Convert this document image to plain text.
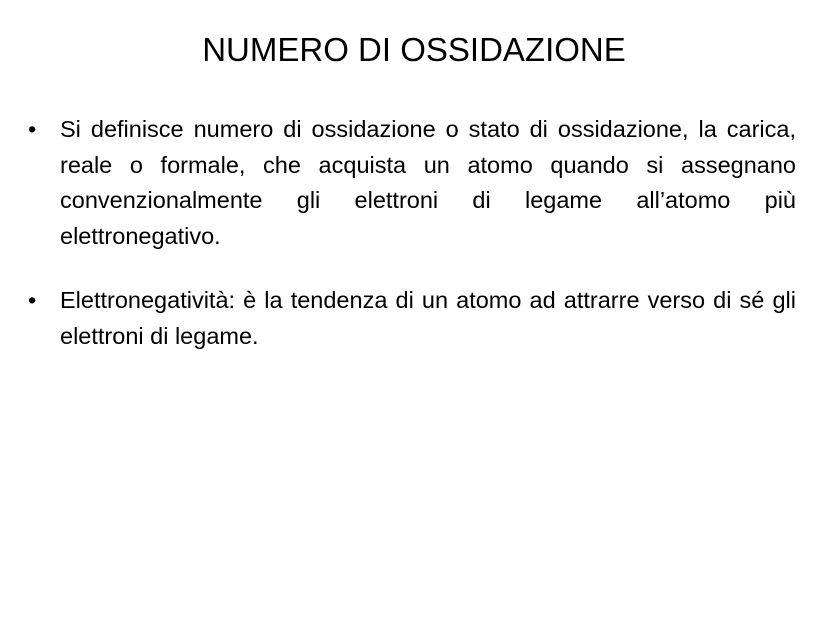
NUMERO DI OSSIDAZIONE
•	Si definisce numero di ossidazione o stato di ossidazione, la carica, reale o formale, che acquista un atomo quando si assegnano convenzionalmente gli elettroni di legame all’atomo più elettronegativo.
•	Elettronegatività: è la tendenza di un atomo ad attrarre verso di sé gli elettroni di legame.
